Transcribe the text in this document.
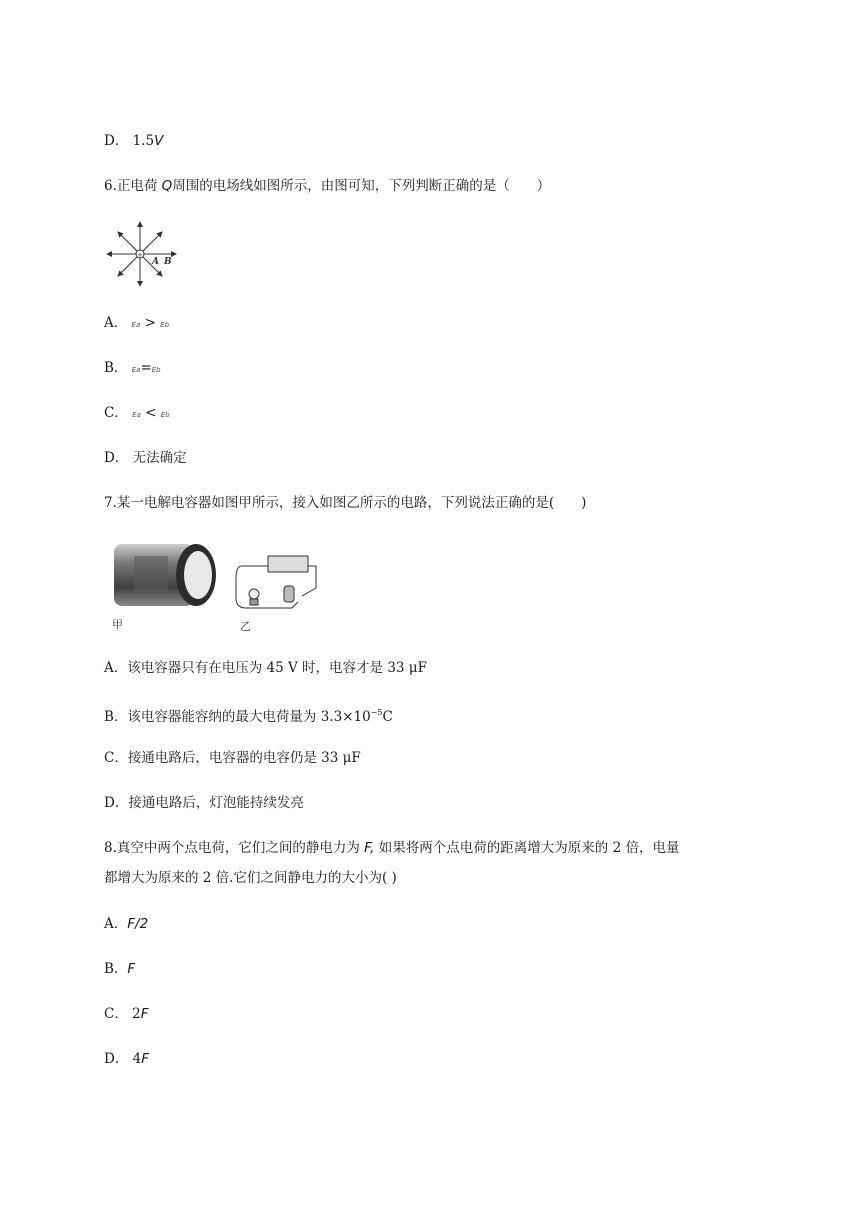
D． 1.5V
6.正电荷 Q周围的电场线如图所示，由图可知，下列判断正确的是（　　）
+
A B
A． Ea > Eb
B． Ea=Eb
C． Ea < Eb
D． 无法确定
7.某一电解电容器如图甲所示，接入如图乙所示的电路，下列说法正确的是(　　)
甲	乙
A．该电容器只有在电压为 45 V 时，电容才是 33 μF
B．该电容器能容纳的最大电荷量为 $3.3\times 10^{-5}C$
C．接通电路后，电容器的电容仍是 33 μF
D．接通电路后，灯泡能持续发亮
8.真空中两个点电荷，它们之间的静电力为 F, 如果将两个点电荷的距离增大为原来的 2 倍，电量
都增大为原来的 2 倍.它们之间静电力的大小为( )
A．F/2
B．F
C． 2F
D． 4F
